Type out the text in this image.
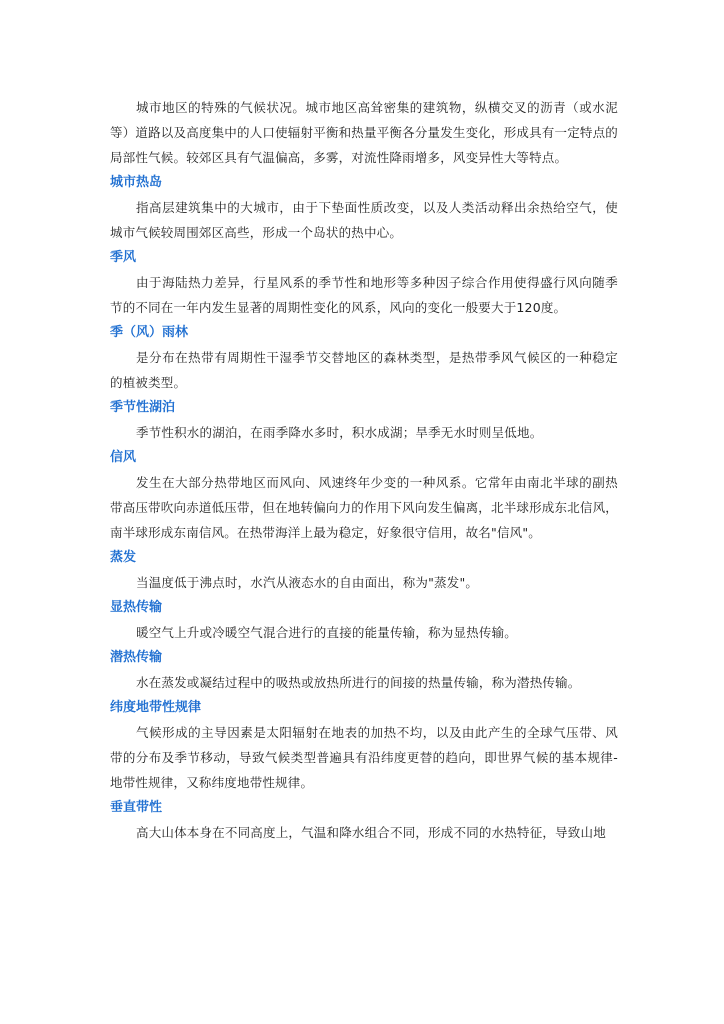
城市地区的特殊的气候状况。城市地区高耸密集的建筑物，纵横交叉的沥青（或水泥等）道路以及高度集中的人口使辐射平衡和热量平衡各分量发生变化，形成具有一定特点的局部性气候。较郊区具有气温偏高，多雾，对流性降雨增多，风变异性大等特点。

城市热岛

指高层建筑集中的大城市，由于下垫面性质改变，以及人类活动释出余热给空气，使城市气候较周围郊区高些，形成一个岛状的热中心。

季风

由于海陆热力差异，行星风系的季节性和地形等多种因子综合作用使得盛行风向随季节的不同在一年内发生显著的周期性变化的风系，风向的变化一般要大于120度。

季（风）雨林

是分布在热带有周期性干湿季节交替地区的森林类型，是热带季风气候区的一种稳定的植被类型。

季节性湖泊

季节性积水的湖泊，在雨季降水多时，积水成湖；旱季无水时则呈低地。

信风

发生在大部分热带地区而风向、风速终年少变的一种风系。它常年由南北半球的副热带高压带吹向赤道低压带，但在地转偏向力的作用下风向发生偏离，北半球形成东北信风，南半球形成东南信风。在热带海洋上最为稳定，好象很守信用，故名"信风"。

蒸发

当温度低于沸点时，水汽从液态水的自由面出，称为"蒸发"。

显热传输

暖空气上升或冷暖空气混合进行的直接的能量传输，称为显热传输。

潜热传输

水在蒸发或凝结过程中的吸热或放热所进行的间接的热量传输，称为潜热传输。

纬度地带性规律

气候形成的主导因素是太阳辐射在地表的加热不均，以及由此产生的全球气压带、风带的分布及季节移动，导致气候类型普遍具有沿纬度更替的趋向，即世界气候的基本规律-地带性规律，又称纬度地带性规律。

垂直带性

高大山体本身在不同高度上，气温和降水组合不同，形成不同的水热特征，导致山地
